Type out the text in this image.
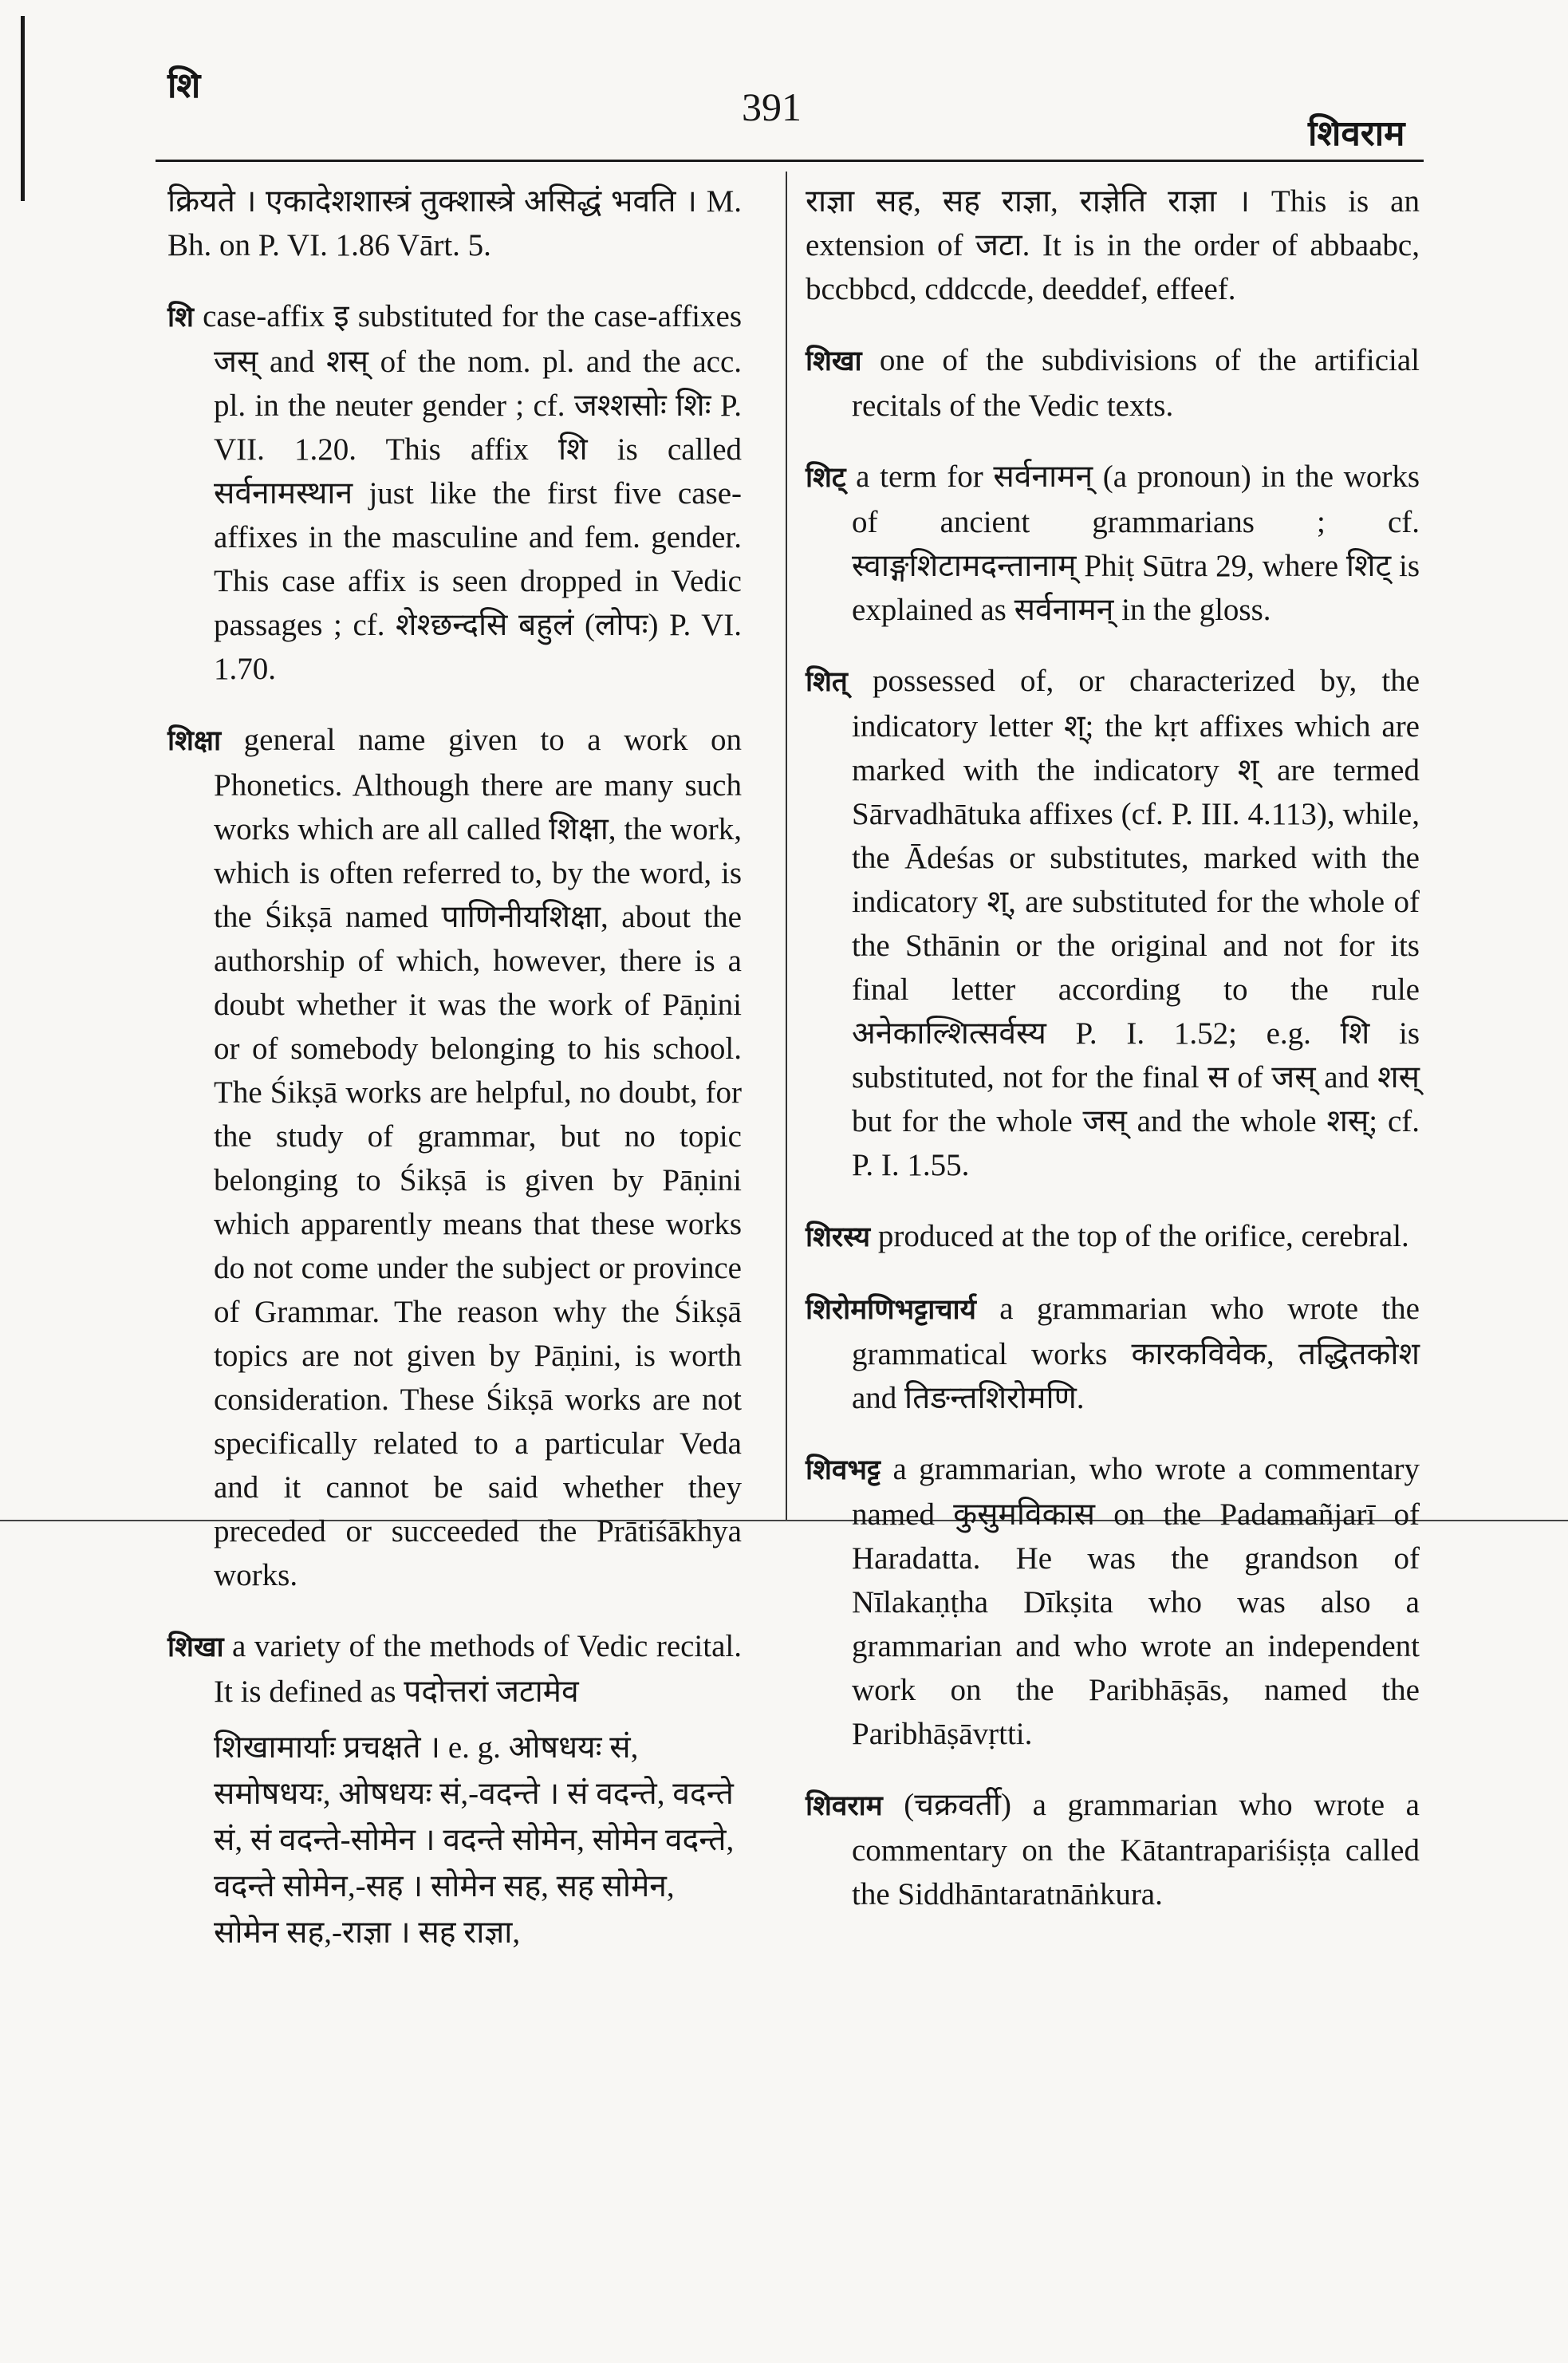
शि	391
शिवराम

क्रियते । एकादेशशास्त्रं तुक्शास्त्रे असिद्धं भवति । M. Bh. on P. VI. 1.86 Vārt. 5.

शि case-affix इ substituted for the case-affixes जस् and शस् of the nom. pl. and the acc. pl. in the neuter gender ; cf. जश्शसोः शिः P. VII. 1.20. This affix शि is called सर्वनामस्थान just like the first five case-affixes in the masculine and fem. gender. This case affix is seen dropped in Vedic passages ; cf. शेश्छन्दसि बहुलं (लोपः) P. VI. 1.70.

शिक्षा general name given to a work on Phonetics. Although there are many such works which are all called शिक्षा, the work, which is often referred to, by the word, is the Śikṣā named पाणिनीयशिक्षा, about the authorship of which, however, there is a doubt whether it was the work of Pāṇini or of somebody belonging to his school. The Śikṣā works are helpful, no doubt, for the study of grammar, but no topic belonging to Śikṣā is given by Pāṇini which apparently means that these works do not come under the subject or province of Grammar. The reason why the Śikṣā topics are not given by Pāṇini, is worth consideration. These Śikṣā works are not specifically related to a particular Veda and it cannot be said whether they preceded or succeeded the Prātiśākhya works.

शिखा a variety of the methods of Vedic recital. It is defined as पदोत्तरां जटामेव
शिखामार्याः प्रचक्षते । e. g. ओषधयः सं, समोषधयः, ओषधयः सं,-वदन्ते । सं वदन्ते, वदन्ते सं, सं वदन्ते-सोमेन । वदन्ते सोमेन, सोमेन वदन्ते, वदन्ते सोमेन,-सह । सोमेन सह, सह सोमेन, सोमेन सह,-राज्ञा । सह राज्ञा,

राज्ञा सह, सह राज्ञा, राज्ञेति राज्ञा । This is an extension of जटा. It is in the order of abbaabc, bccbbcd, cddccde, deeddef, effeef.

शिखा one of the subdivisions of the artificial recitals of the Vedic texts.

शिट् a term for सर्वनामन् (a pronoun) in the works of ancient grammarians ; cf. स्वाङ्गशिटामदन्तानाम् Phiṭ Sūtra 29, where शिट् is explained as सर्वनामन् in the gloss.

शित् possessed of, or characterized by, the indicatory letter श्; the kṛt affixes which are marked with the indicatory श् are termed Sārvadhātuka affixes (cf. P. III. 4.113), while, the Ādeśas or substitutes, marked with the indicatory श्, are substituted for the whole of the Sthānin or the original and not for its final letter according to the rule अनेकाल्शित्सर्वस्य P. I. 1.52; e.g. शि is substituted, not for the final स of जस् and शस् but for the whole जस् and the whole शस्; cf. P. I. 1.55.

शिरस्य produced at the top of the orifice, cerebral.

शिरोमणिभट्टाचार्य a grammarian who wrote the grammatical works कारकविवेक, तद्धितकोश and तिङन्तशिरोमणि.

शिवभट्ट a grammarian, who wrote a commentary named कुसुमविकास on the Padamañjarī of Haradatta. He was the grandson of Nīlakaṇṭha Dīkṣita who was also a grammarian and who wrote an independent work on the Paribhāṣās, named the Paribhāṣāvṛtti.

शिवराम (चक्रवर्ती) a grammarian who wrote a commentary on the Kātantrapariśiṣṭa called the Siddhāntaratnāṅkura.
